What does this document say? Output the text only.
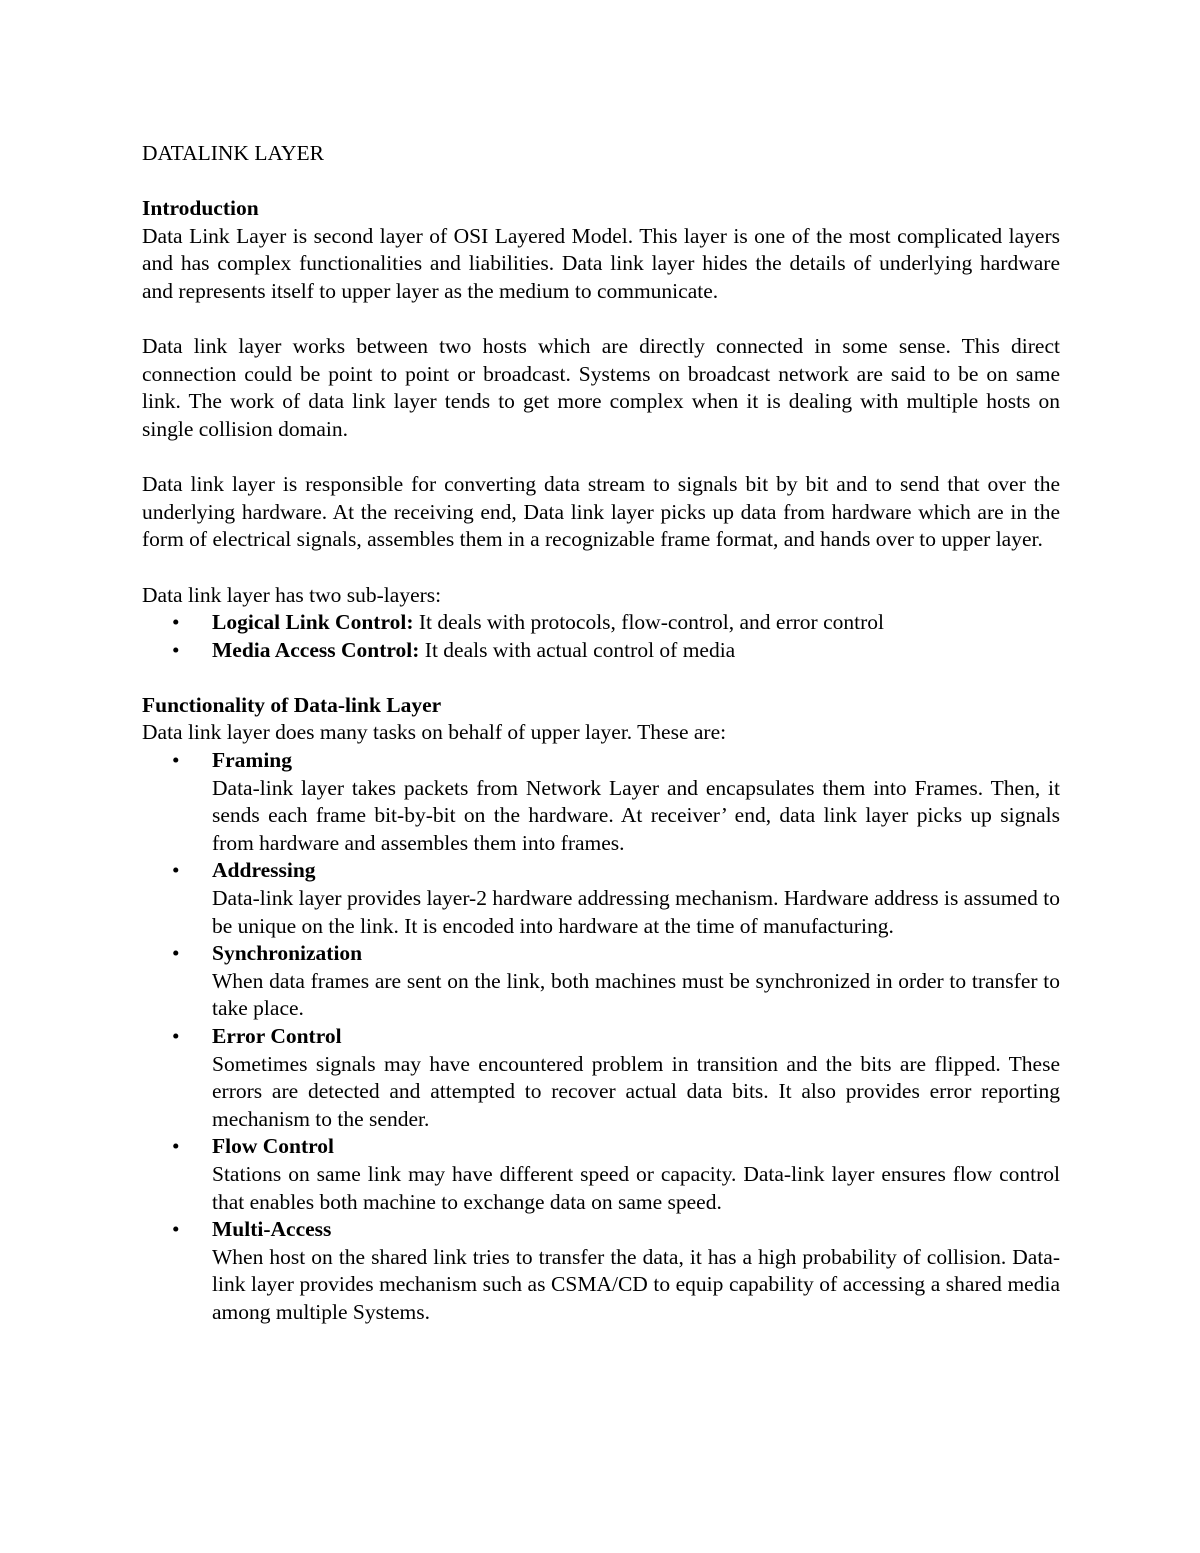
DATALINK LAYER
Introduction

Data Link Layer is second layer of OSI Layered Model. This layer is one of the most complicated layers and has complex functionalities and liabilities. Data link layer hides the details of underlying hardware and represents itself to upper layer as the medium to communicate.

Data link layer works between two hosts which are directly connected in some sense. This direct connection could be point to point or broadcast. Systems on broadcast network are said to be on same link. The work of data link layer tends to get more complex when it is dealing with multiple hosts on single collision domain.

Data link layer is responsible for converting data stream to signals bit by bit and to send that over the underlying hardware. At the receiving end, Data link layer picks up data from hardware which are in the form of electrical signals, assembles them in a recognizable frame format, and hands over to upper layer.

Data link layer has two sub-layers:

• Logical Link Control: It deals with protocols, flow-control, and error control
• Media Access Control: It deals with actual control of media
Functionality of Data-link Layer

Data link layer does many tasks on behalf of upper layer. These are:

• Framing
Data-link layer takes packets from Network Layer and encapsulates them into Frames. Then, it sends each frame bit-by-bit on the hardware. At receiver’ end, data link layer picks up signals from hardware and assembles them into frames.
• Addressing
Data-link layer provides layer-2 hardware addressing mechanism. Hardware address is assumed to be unique on the link. It is encoded into hardware at the time of manufacturing.
• Synchronization
When data frames are sent on the link, both machines must be synchronized in order to transfer to take place.
• Error Control
Sometimes signals may have encountered problem in transition and the bits are flipped. These errors are detected and attempted to recover actual data bits. It also provides error reporting mechanism to the sender.
• Flow Control
Stations on same link may have different speed or capacity. Data-link layer ensures flow control that enables both machine to exchange data on same speed.
• Multi-Access
When host on the shared link tries to transfer the data, it has a high probability of collision. Data-link layer provides mechanism such as CSMA/CD to equip capability of accessing a shared media among multiple Systems.
